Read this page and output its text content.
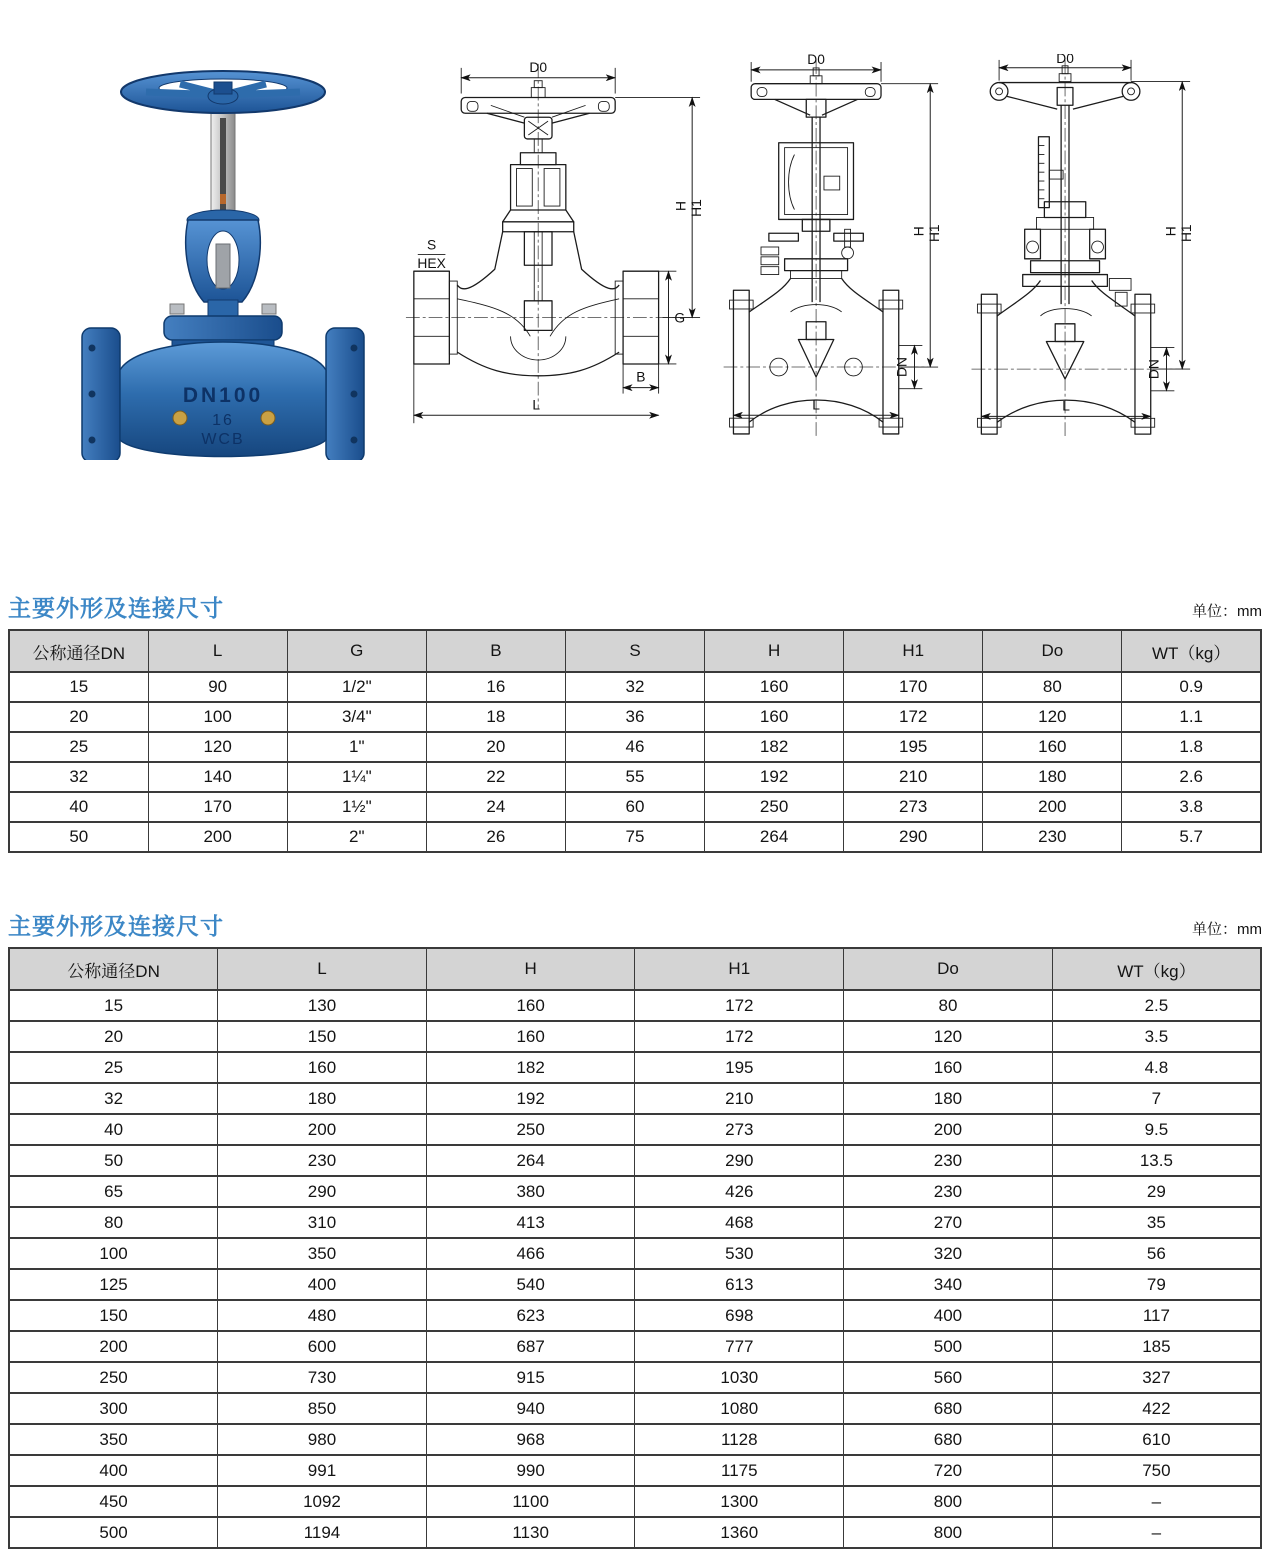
DN100
16
WCB
D0
H H1
G
B
L
S
HEX
D0
H H1
DN
L
D0
H H1
DN
L
主要外形及连接尺寸	单位：mm
公称通径DN	L	G	B	S	H	H1	Do	WT（kg）
15	90	1/2"	16	32	160	170	80	0.9
20	100	3/4"	18	36	160	172	120	1.1
25	120	1"	20	46	182	195	160	1.8
32	140	1¼"	22	55	192	210	180	2.6
40	170	1½"	24	60	250	273	200	3.8
50	200	2"	26	75	264	290	230	5.7
主要外形及连接尺寸	单位：mm
公称通径DN	L	H	H1	Do	WT（kg）
15	130	160	172	80	2.5
20	150	160	172	120	3.5
25	160	182	195	160	4.8
32	180	192	210	180	7
40	200	250	273	200	9.5
50	230	264	290	230	13.5
65	290	380	426	230	29
80	310	413	468	270	35
100	350	466	530	320	56
125	400	540	613	340	79
150	480	623	698	400	117
200	600	687	777	500	185
250	730	915	1030	560	327
300	850	940	1080	680	422
350	980	968	1128	680	610
400	991	990	1175	720	750
450	1092	1100	1300	800	–
500	1194	1130	1360	800	–
